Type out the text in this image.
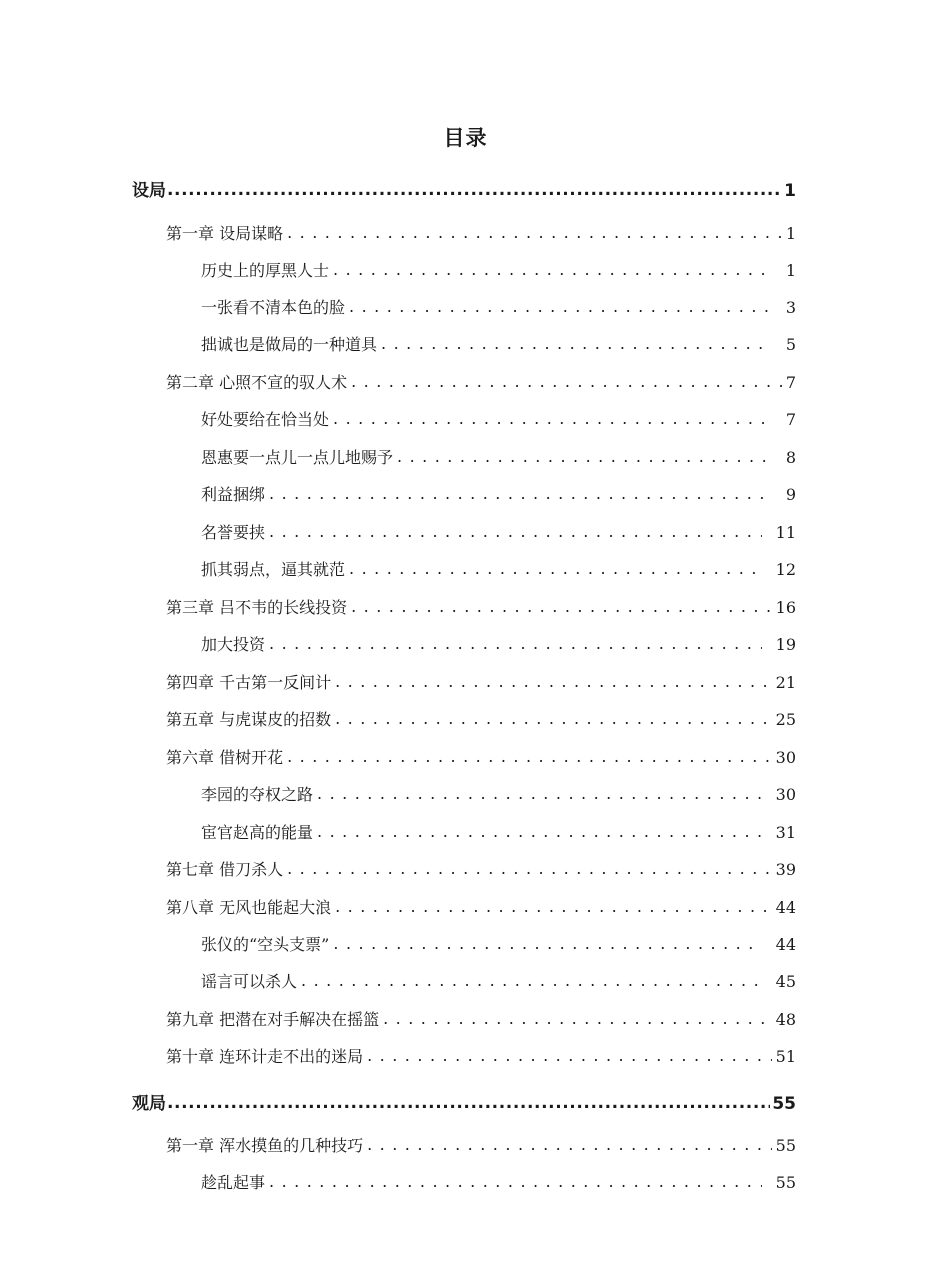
目录
设局 .....	1
第一章 设局谋略 . . .	1
历史上的厚黑人士 . . .	1
一张看不清本色的脸 . . .	3
拙诚也是做局的一种道具 . . .	5
第二章 心照不宣的驭人术 . . .	7
好处要给在恰当处 . . .	7
恩惠要一点儿一点儿地赐予 . . .	8
利益捆绑 . . .	9
名誉要挟 . . .	11
抓其弱点，逼其就范 . . .	12
第三章 吕不韦的长线投资 . . .	16
加大投资 . . .	19
第四章 千古第一反间计 . . .	21
第五章 与虎谋皮的招数 . . .	25
第六章 借树开花 . . .	30
李园的夺权之路 . . .	30
宦官赵高的能量 . . .	31
第七章 借刀杀人 . . .	39
第八章 无风也能起大浪 . . .	44
张仪的“空头支票” . . .	44
谣言可以杀人 . . .	45
第九章 把潜在对手解决在摇篮 . . .	48
第十章 连环计走不出的迷局 . . .	51
观局 .....	55
第一章 浑水摸鱼的几种技巧 . . .	55
趁乱起事 . . .	55
